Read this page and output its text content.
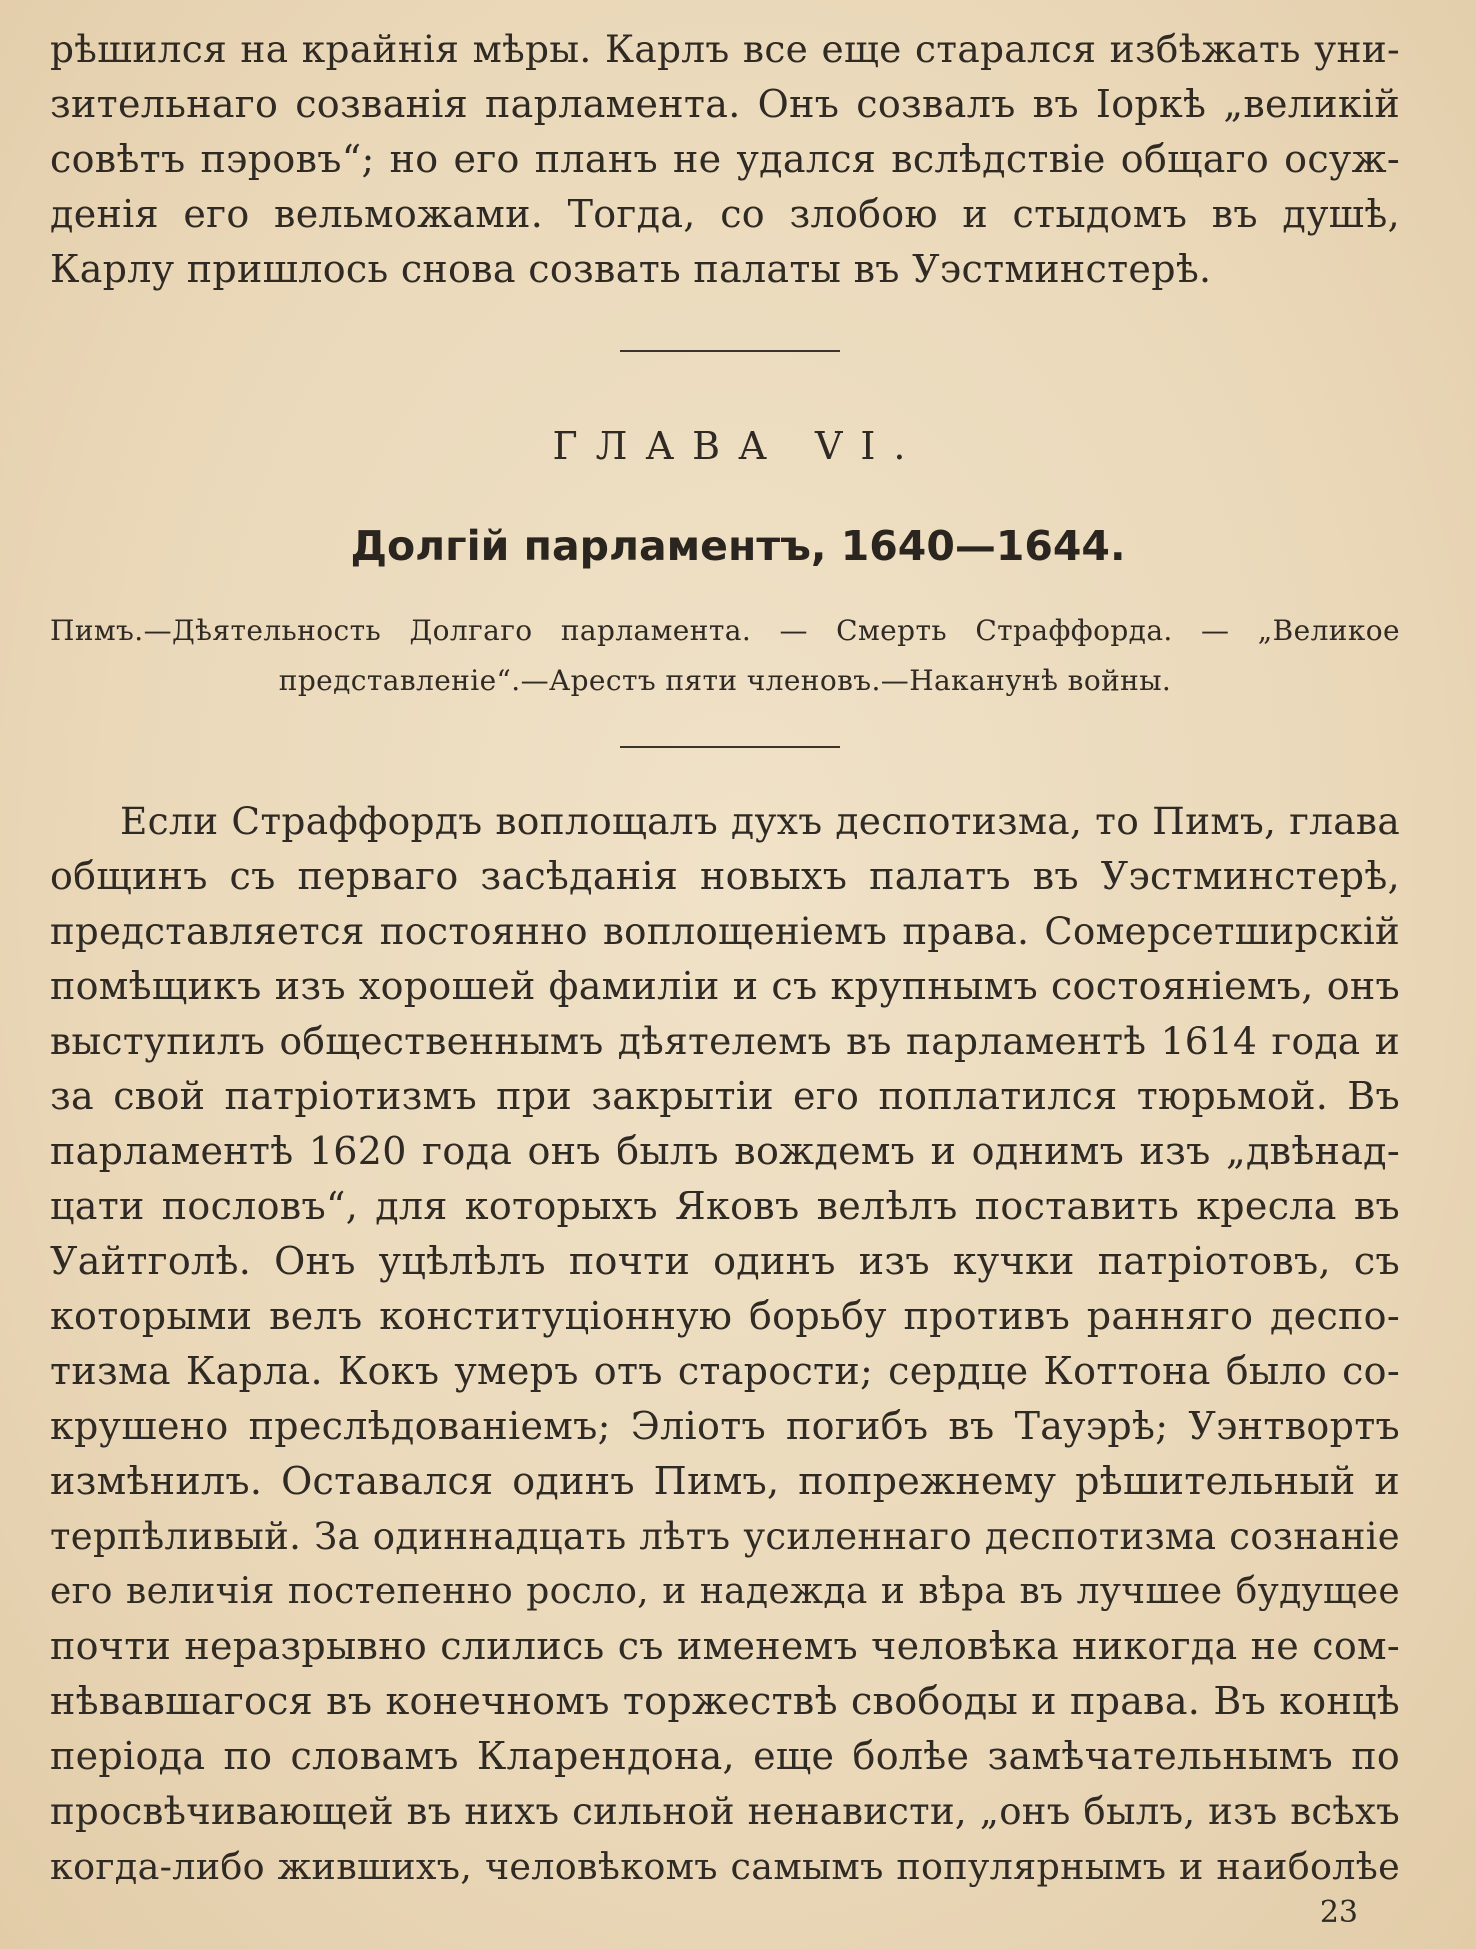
рѣшился на крайнія мѣры. Карлъ все еще старался избѣжать уни-
зительнаго созванія парламента. Онъ созвалъ въ Іоркѣ „великій
совѣтъ пэровъ“; но его планъ не удался вслѣдствіе общаго осуж-
денія его вельможами. Тогда, со злобою и стыдомъ въ душѣ,
Карлу пришлось снова созвать палаты въ Уэстминстерѣ.
ГЛАВА VI.
Долгій парламентъ, 1640—1644.
Пимъ.—Дѣятельность Долгаго парламента. — Смерть Страффорда. — „Великое
представленіе“.—Арестъ пяти членовъ.—Наканунѣ войны.
Если Страффордъ воплощалъ духъ деспотизма, то Пимъ, глава
общинъ съ перваго засѣданія новыхъ палатъ въ Уэстминстерѣ,
представляется постоянно воплощеніемъ права. Сомерсетширскій
помѣщикъ изъ хорошей фамиліи и съ крупнымъ состояніемъ, онъ
выступилъ общественнымъ дѣятелемъ въ парламентѣ 1614 года и
за свой патріотизмъ при закрытіи его поплатился тюрьмой. Въ
парламентѣ 1620 года онъ былъ вождемъ и однимъ изъ „двѣнад-
цати пословъ“, для которыхъ Яковъ велѣлъ поставить кресла въ
Уайтголѣ. Онъ уцѣлѣлъ почти одинъ изъ кучки патріотовъ, съ
которыми велъ конституціонную борьбу противъ ранняго деспо-
тизма Карла. Кокъ умеръ отъ старости; сердце Коттона было со-
крушено преслѣдованіемъ; Эліотъ погибъ въ Тауэрѣ; Уэнтвортъ
измѣнилъ. Оставался одинъ Пимъ, попрежнему рѣшительный и
терпѣливый. За одиннадцать лѣтъ усиленнаго деспотизма сознаніе
его величія постепенно росло, и надежда и вѣра въ лучшее будущее
почти неразрывно слились съ именемъ человѣка никогда не сом-
нѣвавшагося въ конечномъ торжествѣ свободы и права. Въ концѣ
періода по словамъ Кларендона, еще болѣе замѣчательнымъ по
просвѣчивающей въ нихъ сильной ненависти, „онъ былъ, изъ всѣхъ
когда-либо жившихъ, человѣкомъ самымъ популярнымъ и наиболѣе
23
